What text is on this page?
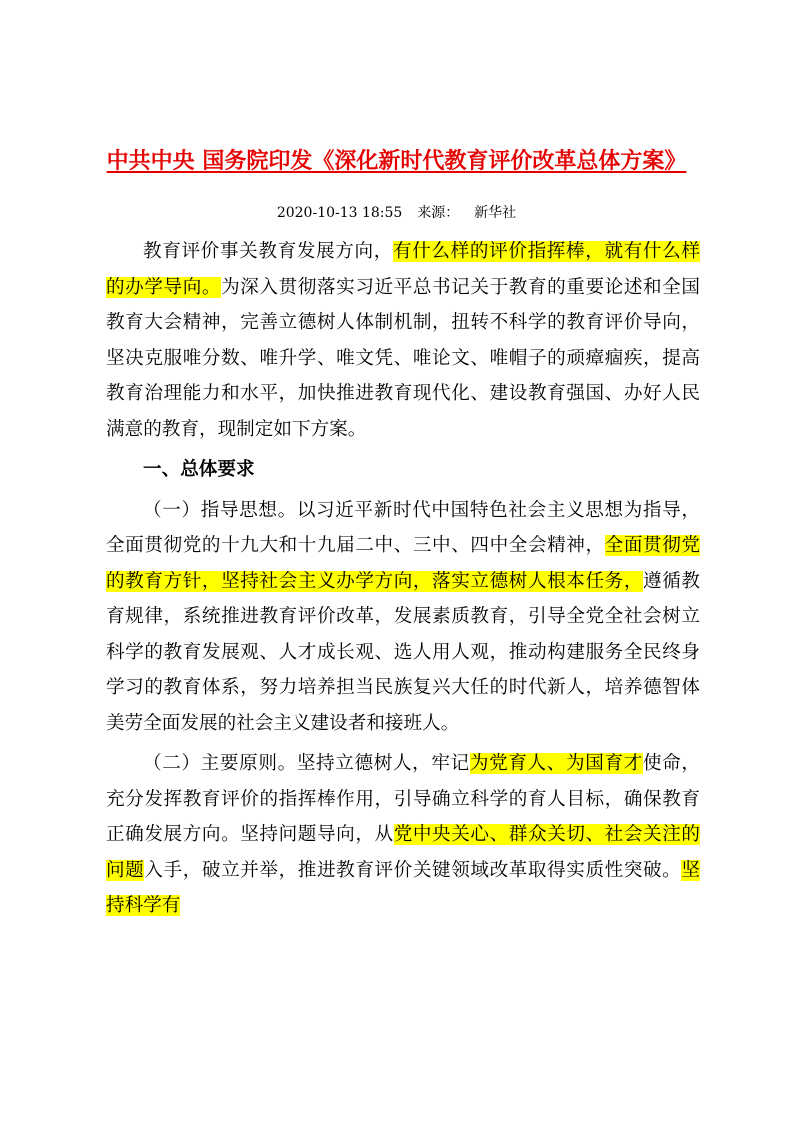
中共中央 国务院印发《深化新时代教育评价改革总体方案》
2020-10-13 18:55 来源： 新华社

教育评价事关教育发展方向，有什么样的评价指挥棒，就有什么样的办学导向。为深入贯彻落实习近平总书记关于教育的重要论述和全国教育大会精神，完善立德树人体制机制，扭转不科学的教育评价导向，坚决克服唯分数、唯升学、唯文凭、唯论文、唯帽子的顽瘴痼疾，提高教育治理能力和水平，加快推进教育现代化、建设教育强国、办好人民满意的教育，现制定如下方案。

一、总体要求

（一）指导思想。以习近平新时代中国特色社会主义思想为指导，全面贯彻党的十九大和十九届二中、三中、四中全会精神，全面贯彻党的教育方针，坚持社会主义办学方向，落实立德树人根本任务，遵循教育规律，系统推进教育评价改革，发展素质教育，引导全党全社会树立科学的教育发展观、人才成长观、选人用人观，推动构建服务全民终身学习的教育体系，努力培养担当民族复兴大任的时代新人，培养德智体美劳全面发展的社会主义建设者和接班人。

（二）主要原则。坚持立德树人，牢记为党育人、为国育才使命，充分发挥教育评价的指挥棒作用，引导确立科学的育人目标，确保教育正确发展方向。坚持问题导向，从党中央关心、群众关切、社会关注的问题入手，破立并举，推进教育评价关键领域改革取得实质性突破。坚持科学有
